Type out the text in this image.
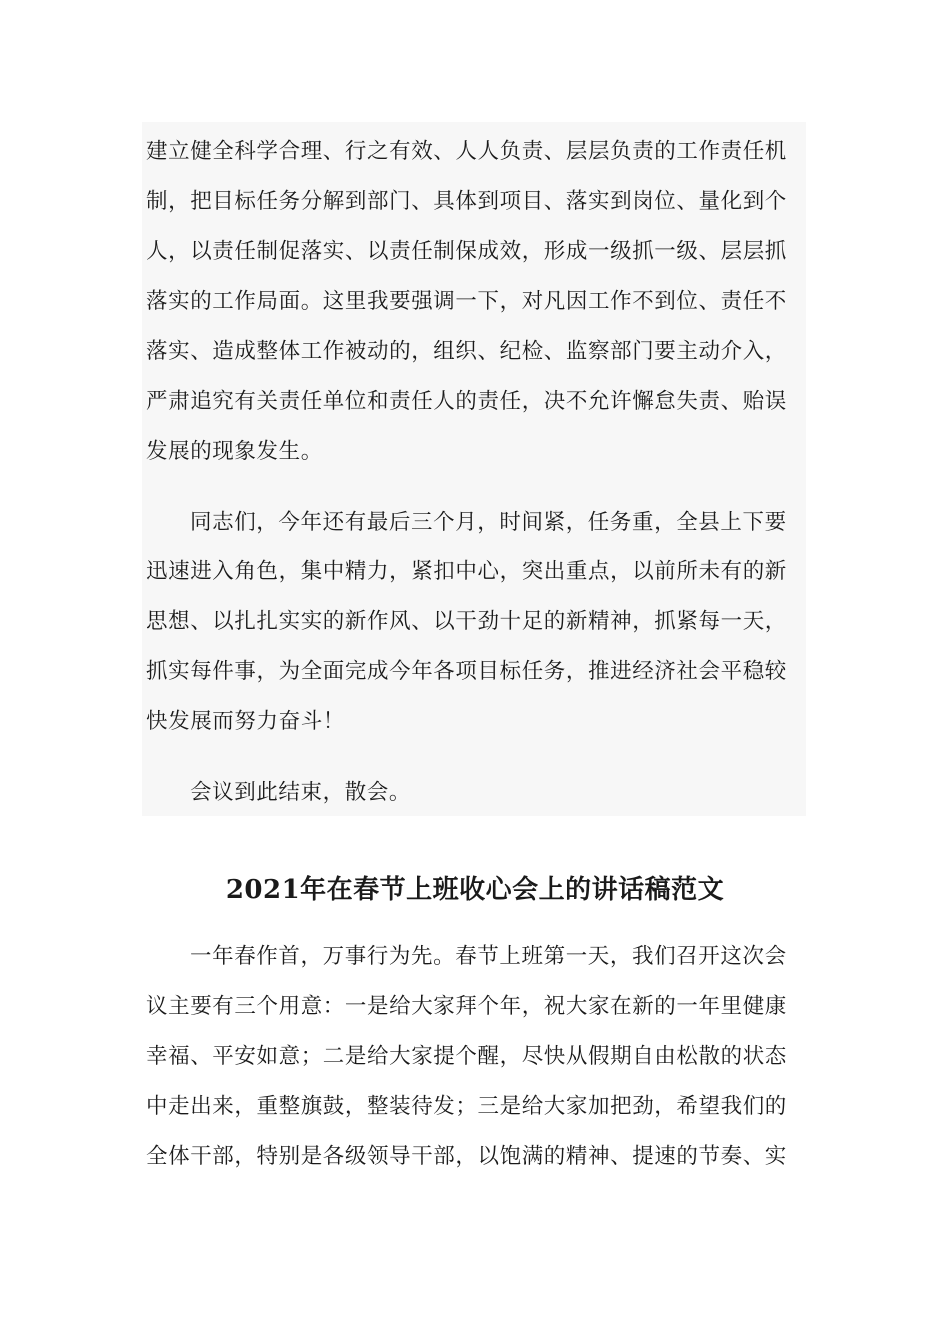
建立健全科学合理、行之有效、人人负责、层层负责的工作责任机
制，把目标任务分解到部门、具体到项目、落实到岗位、量化到个
人，以责任制促落实、以责任制保成效，形成一级抓一级、层层抓
落实的工作局面。这里我要强调一下，对凡因工作不到位、责任不
落实、造成整体工作被动的，组织、纪检、监察部门要主动介入，
严肃追究有关责任单位和责任人的责任，决不允许懈怠失责、贻误
发展的现象发生。
同志们，今年还有最后三个月，时间紧，任务重，全县上下要
迅速进入角色，集中精力，紧扣中心，突出重点，以前所未有的新
思想、以扎扎实实的新作风、以干劲十足的新精神，抓紧每一天，
抓实每件事，为全面完成今年各项目标任务，推进经济社会平稳较
快发展而努力奋斗！
会议到此结束，散会。
2021年在春节上班收心会上的讲话稿范文
一年春作首，万事行为先。春节上班第一天，我们召开这次会
议主要有三个用意：一是给大家拜个年，祝大家在新的一年里健康
幸福、平安如意；二是给大家提个醒，尽快从假期自由松散的状态
中走出来，重整旗鼓，整装待发；三是给大家加把劲，希望我们的
全体干部，特别是各级领导干部，以饱满的精神、提速的节奏、实
